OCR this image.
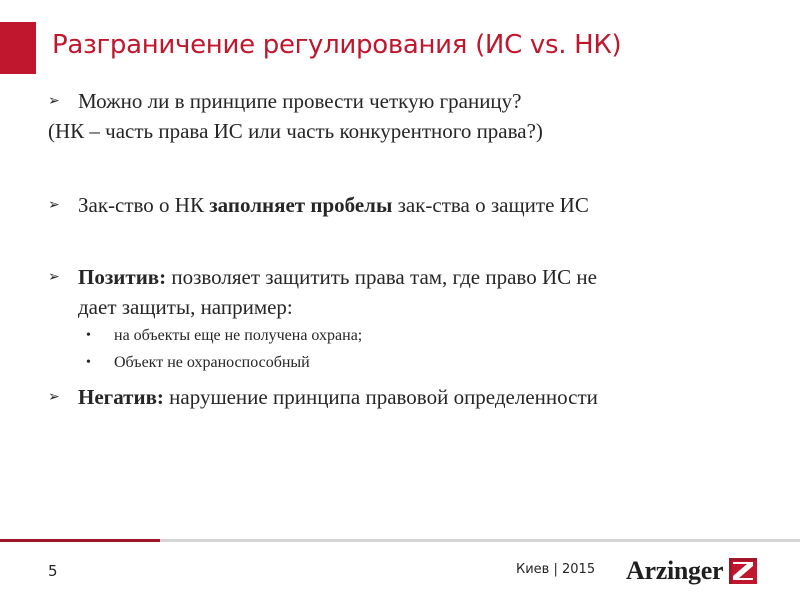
Разграничение регулирования (ИС vs. НК)
➢ Можно ли в принципе провести четкую границу?
(НК – часть права ИС или часть конкурентного права?)
➢ Зак-ство о НК заполняет пробелы зак-ства о защите ИС
➢ Позитив: позволяет защитить права там, где право ИС не
дает защиты, например:
• на объекты еще не получена охрана;
• Объект не охраноспособный
➢ Негатив: нарушение принципа правовой определенности
5	Киев | 2015 Arzinger
